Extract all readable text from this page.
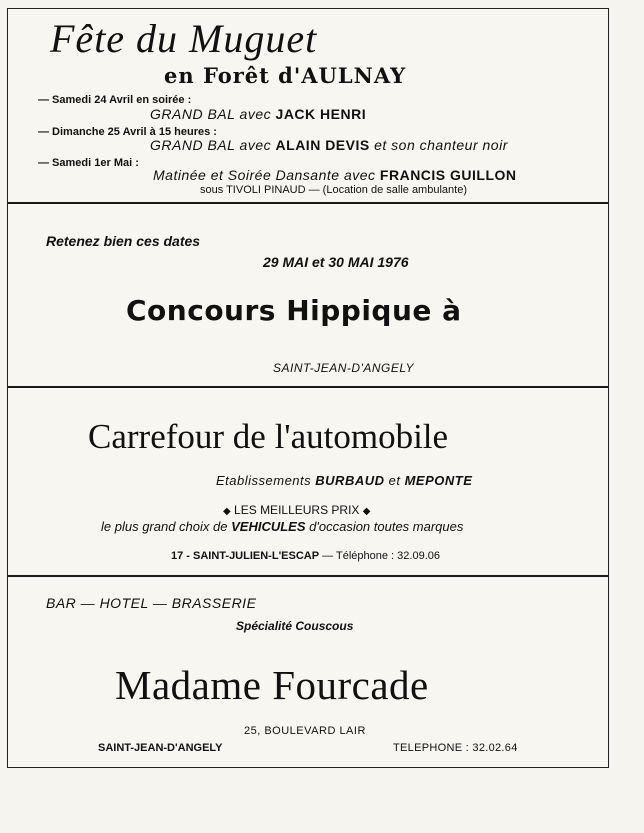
Fête du Muguet
en Forêt d'AULNAY
— Samedi 24 Avril en soirée :
GRAND BAL avec JACK HENRI
— Dimanche 25 Avril à 15 heures :
GRAND BAL avec ALAIN DEVIS et son chanteur noir
— Samedi 1er Mai :
Matinée et Soirée Dansante avec FRANCIS GUILLON
sous TIVOLI PINAUD — (Location de salle ambulante)
Retenez bien ces dates
29 MAI et 30 MAI 1976
Concours Hippique à
SAINT-JEAN-D'ANGELY
Carrefour de l'automobile
Etablissements BURBAUD et MEPONTE
◆ LES MEILLEURS PRIX ◆
le plus grand choix de VEHICULES d'occasion toutes marques
17 - SAINT-JULIEN-L'ESCAP — Téléphone : 32.09.06
BAR — HOTEL — BRASSERIE
Spécialité Couscous
Madame Fourcade
25, BOULEVARD LAIR
SAINT-JEAN-D'ANGELY	TELEPHONE : 32.02.64
